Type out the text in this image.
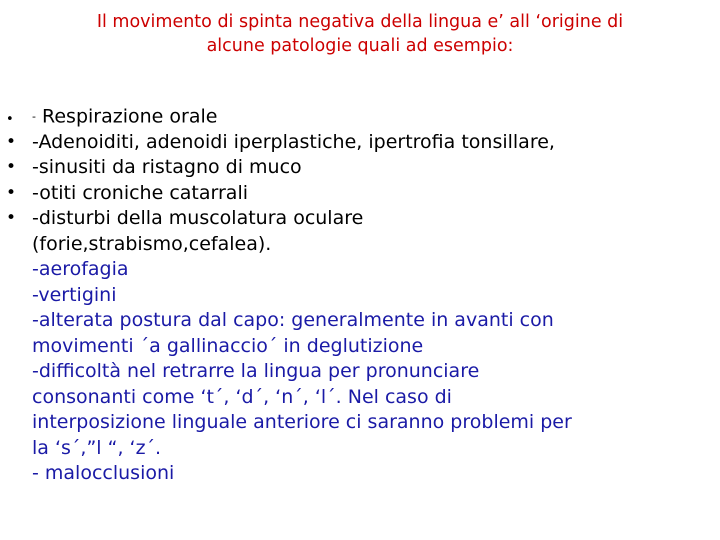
Il movimento di spinta negativa della lingua e’ all ‘origine di
alcune patologie quali ad esempio:
• - Respirazione orale
• -Adenoiditi, adenoidi iperplastiche, ipertrofia tonsillare,
• -sinusiti da ristagno di muco
• -otiti croniche catarrali
• -disturbi della muscolatura oculare
(forie,strabismo,cefalea).
-aerofagia
-vertigini
-alterata postura dal capo: generalmente in avanti con
movimenti ´a gallinaccio´ in deglutizione
-difficoltà nel retrarre la lingua per pronunciare
consonanti come ‘t´, ‘d´, ‘n´, ‘l´. Nel caso di
interposizione linguale anteriore ci saranno problemi per
la ‘s´,”l “, ‘z´.
- malocclusioni
